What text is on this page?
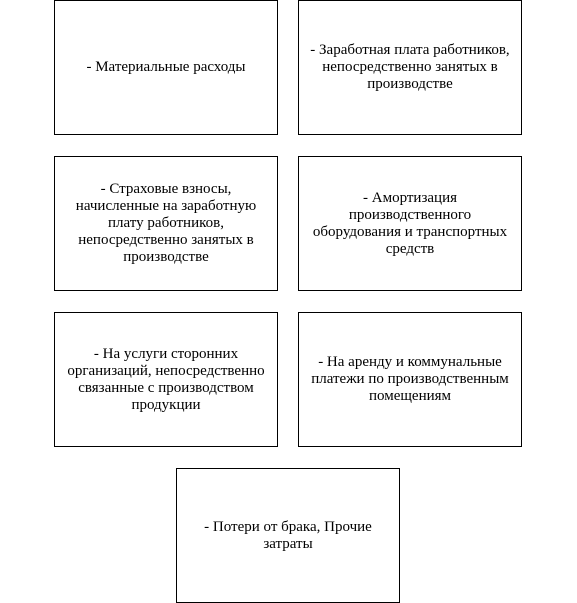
- Материальные расходы
- Заработная плата работников, непосредственно занятых в производстве
- Страховые взносы, начисленные на заработную плату работников, непосредственно занятых в производстве
- Амортизация производственного оборудования и транспортных средств
- На услуги сторонних организаций, непосредственно связанные с производством продукции
- На аренду и коммунальные платежи по производственным помещениям
- Потери от брака, Прочие затраты
